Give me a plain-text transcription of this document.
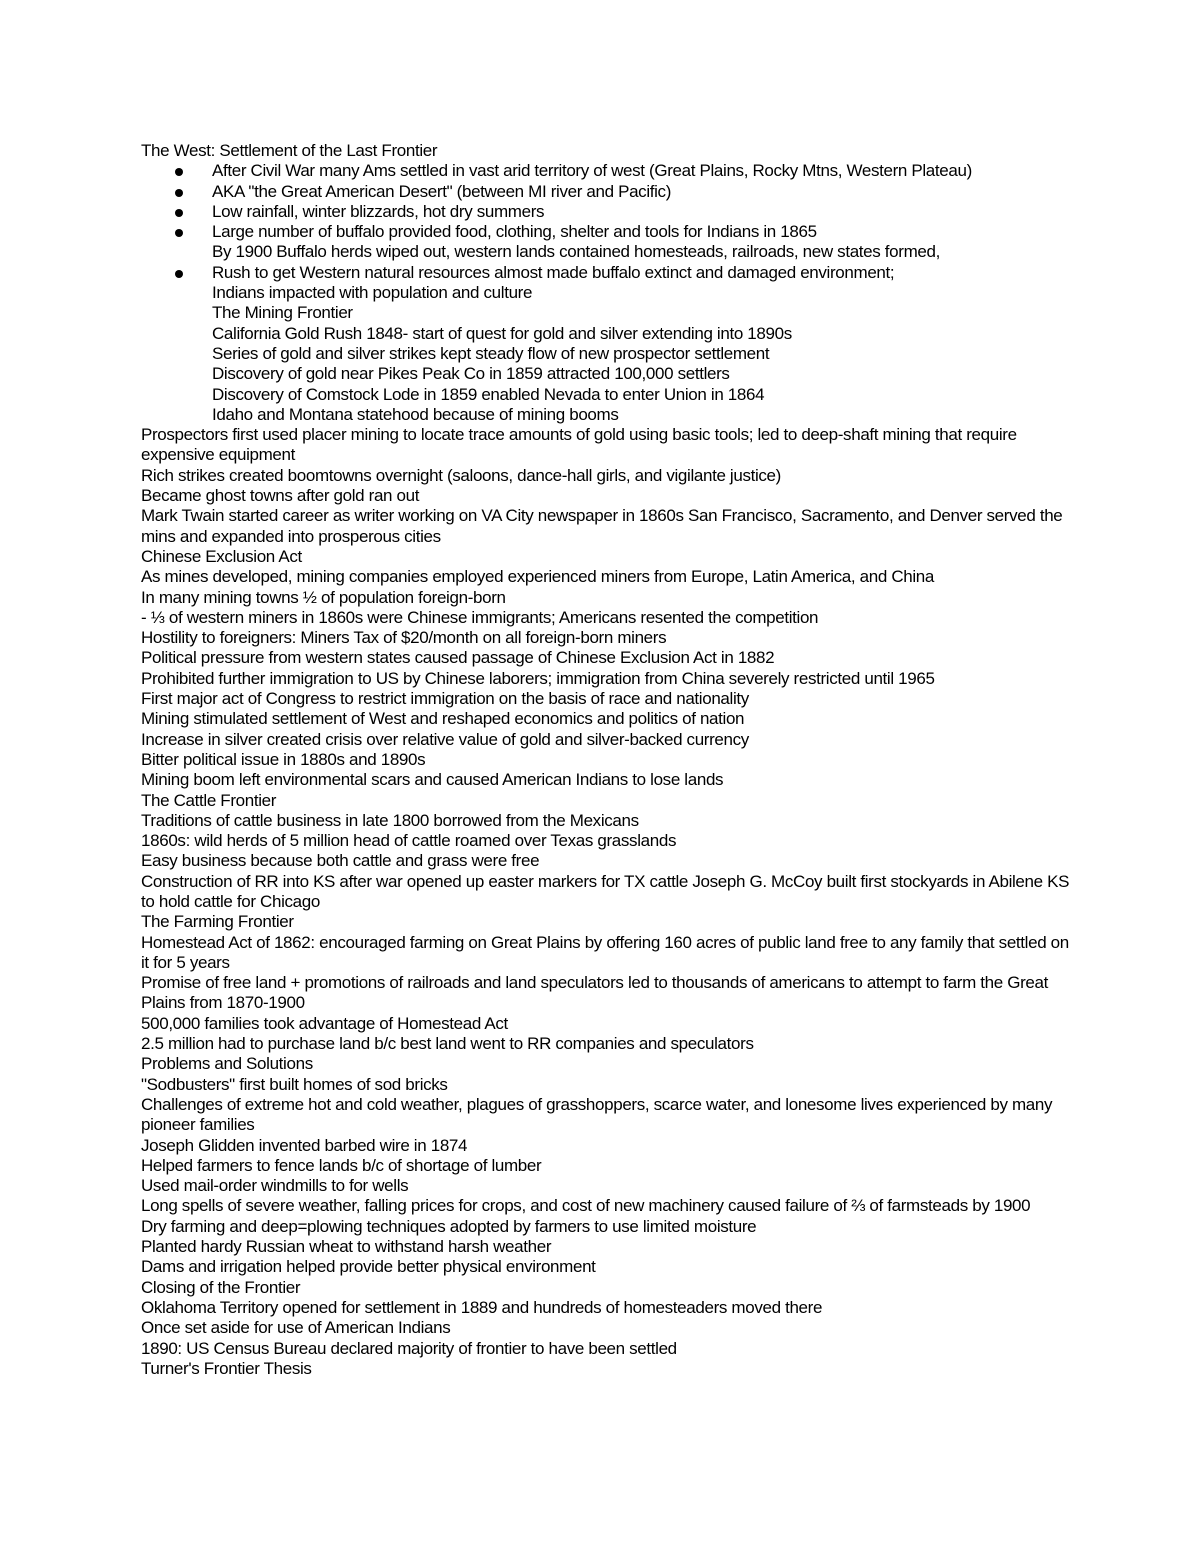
The West: Settlement of the Last Frontier
After Civil War many Ams settled in vast arid territory of west (Great Plains, Rocky Mtns, Western Plateau)
AKA "the Great American Desert" (between MI river and Pacific)
Low rainfall, winter blizzards, hot dry summers
Large number of buffalo provided food, clothing, shelter and tools for Indians in 1865
By 1900 Buffalo herds wiped out, western lands contained homesteads, railroads, new states formed,
Rush to get Western natural resources almost made buffalo extinct and damaged environment;
Indians impacted with population and culture
The Mining Frontier
California Gold Rush 1848- start of quest for gold and silver extending into 1890s
Series of gold and silver strikes kept steady flow of new prospector settlement
Discovery of gold near Pikes Peak Co in 1859 attracted 100,000 settlers
Discovery of Comstock Lode in 1859 enabled Nevada to enter Union in 1864
Idaho and Montana statehood because of mining booms
Prospectors first used placer mining to locate trace amounts of gold using basic tools; led to deep-shaft mining that require expensive equipment
Rich strikes created boomtowns overnight (saloons, dance-hall girls, and vigilante justice)
Became ghost towns after gold ran out
Mark Twain started career as writer working on VA City newspaper in 1860s San Francisco, Sacramento, and Denver served the mins and expanded into prosperous cities
Chinese Exclusion Act
As mines developed, mining companies employed experienced miners from Europe, Latin America, and China
In many mining towns ½ of population foreign-born
- ⅓ of western miners in 1860s were Chinese immigrants; Americans resented the competition
Hostility to foreigners: Miners Tax of $20/month on all foreign-born miners
Political pressure from western states caused passage of Chinese Exclusion Act in 1882
Prohibited further immigration to US by Chinese laborers; immigration from China severely restricted until 1965
First major act of Congress to restrict immigration on the basis of race and nationality
Mining stimulated settlement of West and reshaped economics and politics of nation
Increase in silver created crisis over relative value of gold and silver-backed currency
Bitter political issue in 1880s and 1890s
Mining boom left environmental scars and caused American Indians to lose lands
The Cattle Frontier
Traditions of cattle business in late 1800 borrowed from the Mexicans
1860s: wild herds of 5 million head of cattle roamed over Texas grasslands
Easy business because both cattle and grass were free
Construction of RR into KS after war opened up easter markers for TX cattle Joseph G. McCoy built first stockyards in Abilene KS to hold cattle for Chicago
The Farming Frontier
Homestead Act of 1862: encouraged farming on Great Plains by offering 160 acres of public land free to any family that settled on it for 5 years
Promise of free land + promotions of railroads and land speculators led to thousands of americans to attempt to farm the Great Plains from 1870-1900
500,000 families took advantage of Homestead Act
2.5 million had to purchase land b/c best land went to RR companies and speculators
Problems and Solutions
"Sodbusters" first built homes of sod bricks
Challenges of extreme hot and cold weather, plagues of grasshoppers, scarce water, and lonesome lives experienced by many pioneer families
Joseph Glidden invented barbed wire in 1874
Helped farmers to fence lands b/c of shortage of lumber
Used mail-order windmills to for wells
Long spells of severe weather, falling prices for crops, and cost of new machinery caused failure of ⅔ of farmsteads by 1900
Dry farming and deep=plowing techniques adopted by farmers to use limited moisture
Planted hardy Russian wheat to withstand harsh weather
Dams and irrigation helped provide better physical environment
Closing of the Frontier
Oklahoma Territory opened for settlement in 1889 and hundreds of homesteaders moved there
Once set aside for use of American Indians
1890: US Census Bureau declared majority of frontier to have been settled
Turner's Frontier Thesis
